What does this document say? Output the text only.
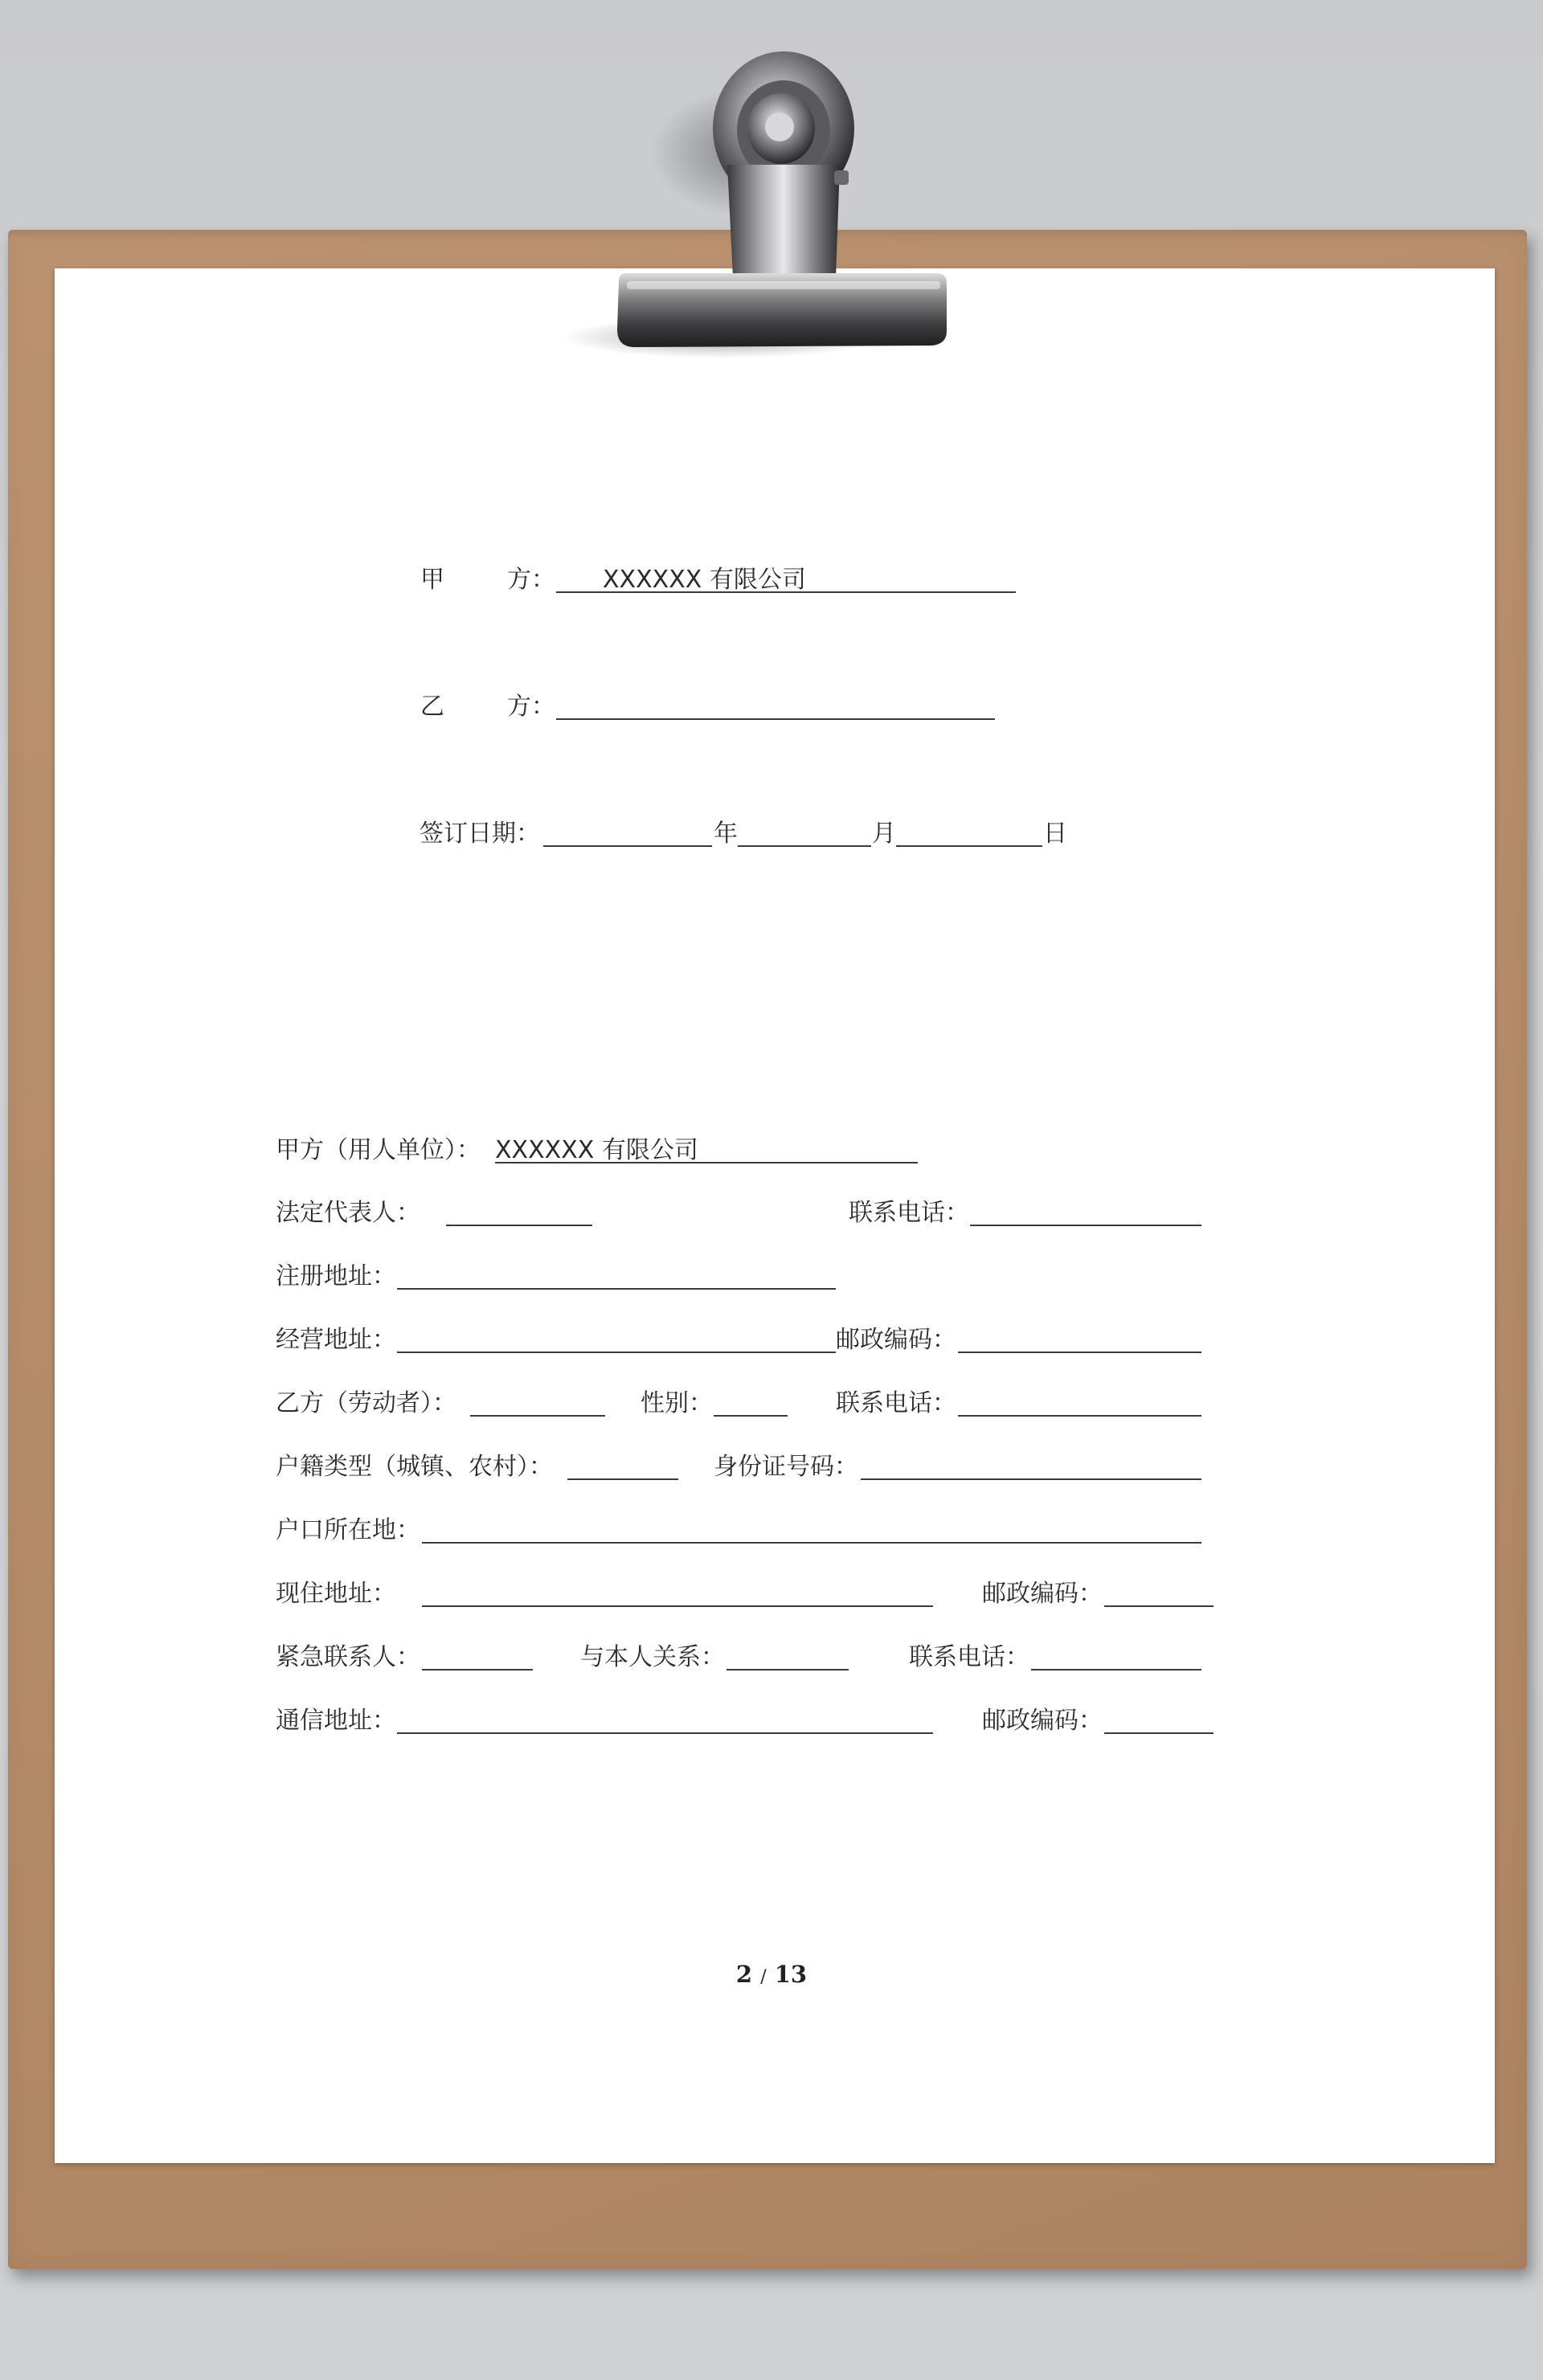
甲	方： XXXXXX 有限公司
乙	方：
签订日期：	年	月	日
甲方（用人单位）： XXXXXX 有限公司
法定代表人：	联系电话：
注册地址：
经营地址：	邮政编码：
乙方（劳动者）：	性别：	联系电话：
户籍类型（城镇、农村）：	身份证号码：
户口所在地：
现住地址：	邮政编码：
紧急联系人：	与本人关系：	联系电话：
通信地址：	邮政编码：
2 / 13
